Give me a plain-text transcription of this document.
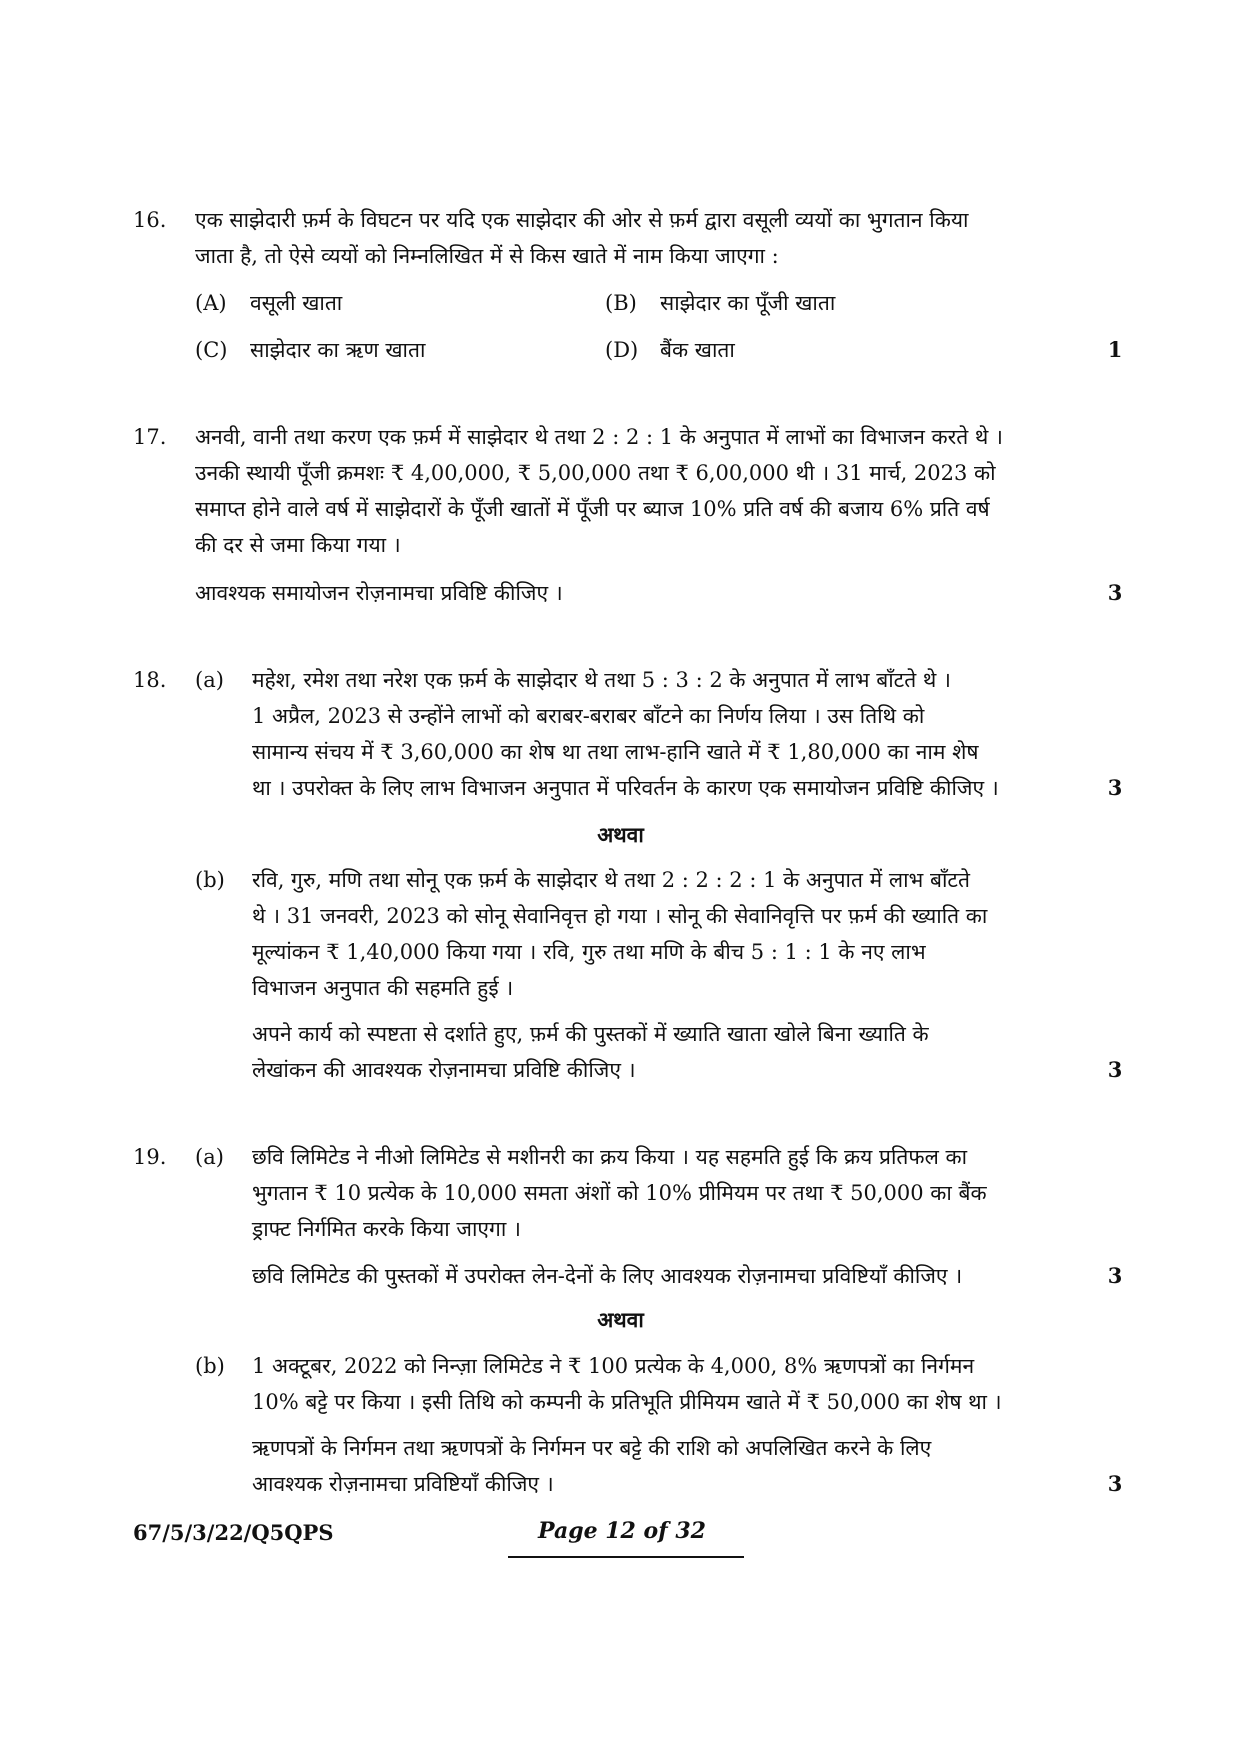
16. एक साझेदारी फ़र्म के विघटन पर यदि एक साझेदार की ओर से फ़र्म द्वारा वसूली व्ययों का भुगतान किया
जाता है, तो ऐसे व्ययों को निम्नलिखित में से किस खाते में नाम किया जाएगा :
(A) वसूली खाता	(B) साझेदार का पूँजी खाता
(C) साझेदार का ऋण खाता	(D) बैंक खाता	1
17. अनवी, वानी तथा करण एक फ़र्म में साझेदार थे तथा 2 : 2 : 1 के अनुपात में लाभों का विभाजन करते थे ।
उनकी स्थायी पूँजी क्रमशः ₹ 4,00,000, ₹ 5,00,000 तथा ₹ 6,00,000 थी । 31 मार्च, 2023 को
समाप्त होने वाले वर्ष में साझेदारों के पूँजी खातों में पूँजी पर ब्याज 10% प्रति वर्ष की बजाय 6% प्रति वर्ष
की दर से जमा किया गया ।
आवश्यक समायोजन रोज़नामचा प्रविष्टि कीजिए ।	3
18. (a) महेश, रमेश तथा नरेश एक फ़र्म के साझेदार थे तथा 5 : 3 : 2 के अनुपात में लाभ बाँटते थे ।
1 अप्रैल, 2023 से उन्होंने लाभों को बराबर-बराबर बाँटने का निर्णय लिया । उस तिथि को
सामान्य संचय में ₹ 3,60,000 का शेष था तथा लाभ-हानि खाते में ₹ 1,80,000 का नाम शेष
था । उपरोक्त के लिए लाभ विभाजन अनुपात में परिवर्तन के कारण एक समायोजन प्रविष्टि कीजिए ।	3
अथवा
(b) रवि, गुरु, मणि तथा सोनू एक फ़र्म के साझेदार थे तथा 2 : 2 : 2 : 1 के अनुपात में लाभ बाँटते
थे । 31 जनवरी, 2023 को सोनू सेवानिवृत्त हो गया । सोनू की सेवानिवृत्ति पर फ़र्म की ख्याति का
मूल्यांकन ₹ 1,40,000 किया गया । रवि, गुरु तथा मणि के बीच 5 : 1 : 1 के नए लाभ
विभाजन अनुपात की सहमति हुई ।
अपने कार्य को स्पष्टता से दर्शाते हुए, फ़र्म की पुस्तकों में ख्याति खाता खोले बिना ख्याति के
लेखांकन की आवश्यक रोज़नामचा प्रविष्टि कीजिए ।	3
19. (a) छवि लिमिटेड ने नीओ लिमिटेड से मशीनरी का क्रय किया । यह सहमति हुई कि क्रय प्रतिफल का
भुगतान ₹ 10 प्रत्येक के 10,000 समता अंशों को 10% प्रीमियम पर तथा ₹ 50,000 का बैंक
ड्राफ्ट निर्गमित करके किया जाएगा ।
छवि लिमिटेड की पुस्तकों में उपरोक्त लेन-देनों के लिए आवश्यक रोज़नामचा प्रविष्टियाँ कीजिए ।	3
अथवा
(b) 1 अक्टूबर, 2022 को निन्ज़ा लिमिटेड ने ₹ 100 प्रत्येक के 4,000, 8% ऋणपत्रों का निर्गमन
10% बट्टे पर किया । इसी तिथि को कम्पनी के प्रतिभूति प्रीमियम खाते में ₹ 50,000 का शेष था ।
ऋणपत्रों के निर्गमन तथा ऋणपत्रों के निर्गमन पर बट्टे की राशि को अपलिखित करने के लिए
आवश्यक रोज़नामचा प्रविष्टियाँ कीजिए ।	3
67/5/3/22/Q5QPS	Page 12 of 32
